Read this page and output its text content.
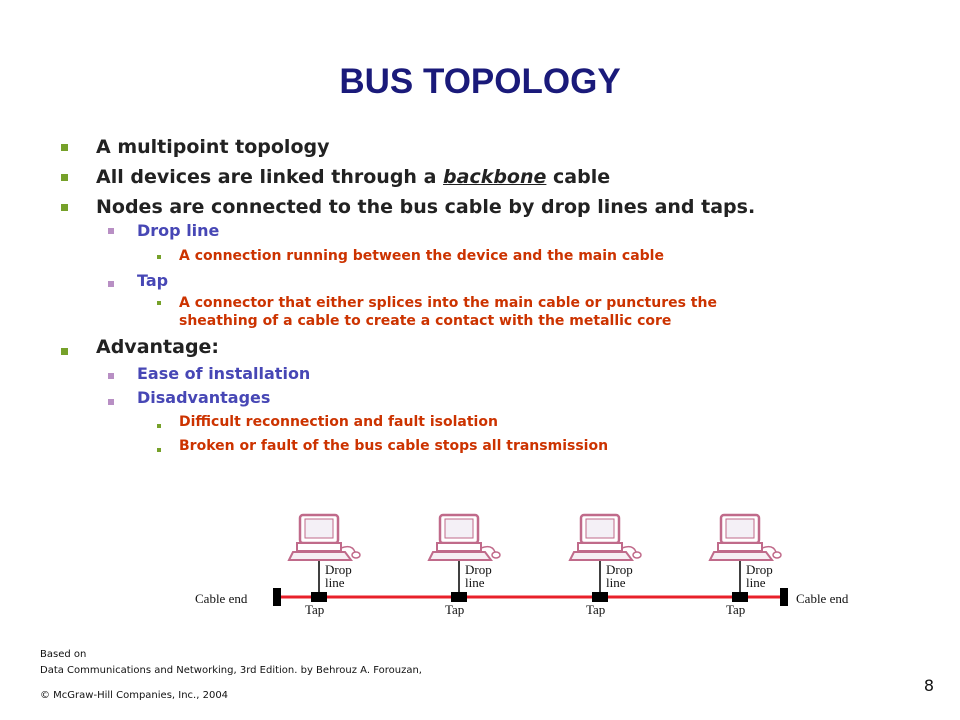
BUS TOPOLOGY
A multipoint topology
All devices are linked through a backbone cable
Nodes are connected to the bus cable by drop lines and taps.
Drop line
A connection running between the device and the main cable
Tap
A connector that either splices into the main cable or punctures the
sheathing of a cable to create a contact with the metallic core
Advantage:
Ease of installation
Disadvantages
Difficult reconnection and fault isolation
Broken or fault of the bus cable stops all transmission
Cable end	Cable end
Drop
line
Tap
Drop
line
Tap
Drop
line
Tap
Drop
line
Tap
Based on
Data Communications and Networking, 3rd Edition. by Behrouz A. Forouzan,
© McGraw-Hill Companies, Inc., 2004
8
